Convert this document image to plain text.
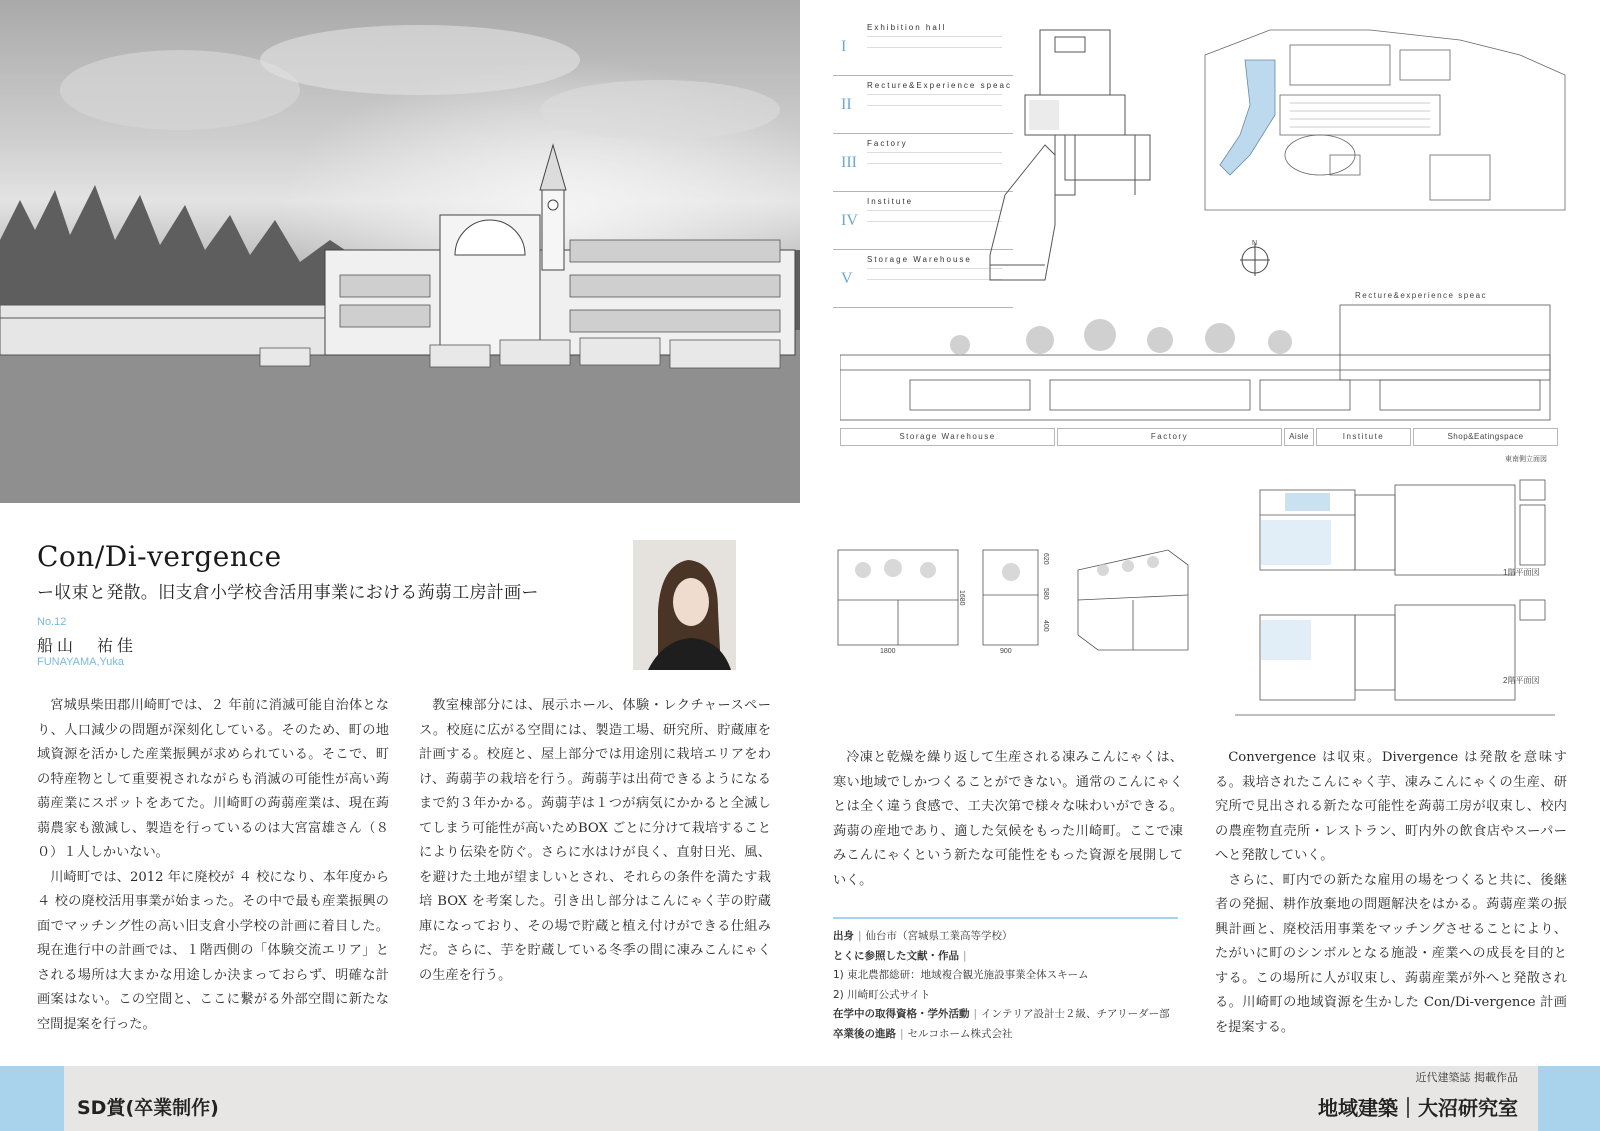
I
Exhibition hall
II
Recture&Experience speac
III
Factory
IV
Institute
V
Storage Warehouse
N
Recture&experience speac
Storage Warehouse	Factory	Aisle	Institute	Shop&Eatingspace
東南側立面図
1800
1680
900
620
580
400
1階平面図
2階平面図
Con/Di-vergence
ー収束と発散。旧支倉小学校舎活用事業における蒟蒻工房計画ー
No.12
船山　祐佳
FUNAYAMA,Yuka

宮城県柴田郡川崎町では、２ 年前に消滅可能自治体となり、人口減少の問題が深刻化している。そのため、町の地域資源を活かした産業振興が求められている。そこで、町の特産物として重要視されながらも消滅の可能性が高い蒟蒻産業にスポットをあてた。川崎町の蒟蒻産業は、現在蒟蒻農家も激減し、製造を行っているのは大宮富雄さん（８０）１人しかいない。

川崎町では、2012 年に廃校が ４ 校になり、本年度から ４ 校の廃校活用事業が始まった。その中で最も産業振興の面でマッチング性の高い旧支倉小学校の計画に着目した。現在進行中の計画では、１階西側の「体験交流エリア」とされる場所は大まかな用途しか決まっておらず、明確な計画案はない。この空間と、ここに繋がる外部空間に新たな空間提案を行った。

教室棟部分には、展示ホール、体験・レクチャースペース。校庭に広がる空間には、製造工場、研究所、貯蔵庫を計画する。校庭と、屋上部分では用途別に栽培エリアをわけ、蒟蒻芋の栽培を行う。蒟蒻芋は出荷できるようになるまで約３年かかる。蒟蒻芋は１つが病気にかかると全滅してしまう可能性が高いためBOX ごとに分けて栽培することにより伝染を防ぐ。さらに水はけが良く、直射日光、風、を避けた土地が望ましいとされ、それらの条件を満たす栽培 BOX を考案した。引き出し部分はこんにゃく芋の貯蔵庫になっており、その場で貯蔵と植え付けができる仕組みだ。さらに、芋を貯蔵している冬季の間に凍みこんにゃくの生産を行う。

冷凍と乾燥を繰り返して生産される凍みこんにゃくは、寒い地域でしかつくることができない。通常のこんにゃくとは全く違う食感で、工夫次第で様々な味わいができる。蒟蒻の産地であり、適した気候をもった川崎町。ここで凍みこんにゃくという新たな可能性をもった資源を展開していく。

Convergence は収束。Divergence は発散を意味する。栽培されたこんにゃく芋、凍みこんにゃくの生産、研究所で見出される新たな可能性を蒟蒻工房が収束し、校内の農産物直売所・レストラン、町内外の飲食店やスーパーへと発散していく。

さらに、町内での新たな雇用の場をつくると共に、後継者の発掘、耕作放棄地の問題解決をはかる。蒟蒻産業の振興計画と、廃校活用事業をマッチングさせることにより、たがいに町のシンボルとなる施設・産業への成長を目的とする。この場所に人が収束し、蒟蒻産業が外へと発散される。川崎町の地域資源を生かした Con/Di-vergence 計画を提案する。

出身 | 仙台市（宮城県工業高等学校）
とくに参照した文献・作品 |
1) 東北農都総研：地域複合観光施設事業全体スキーム
2) 川崎町公式サイト
在学中の取得資格・学外活動 | インテリア設計士２級、チアリーダー部
卒業後の進路 | セルコホーム株式会社
SD賞(卒業制作)
近代建築誌 掲載作品
地域建築｜大沼研究室
